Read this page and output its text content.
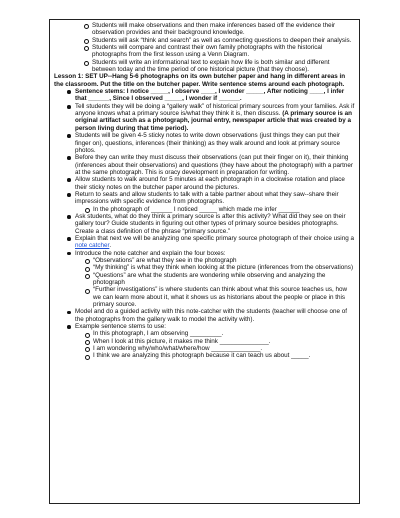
Students will make observations and then make inferences based off the evidence their observation provides and their background knowledge.
Students will ask “think and search” as well as connecting questions to deepen their analysis.
Students will compare and contrast their own family photographs with the historical photographs from the first lesson using a Venn Diagram.
Students will write an informational text to explain how life is both similar and different between today and the time period of one historical picture (that they choose).

Lesson 1: SET UP--Hang 5-6 photographs on its own butcher paper and hang in different areas in the classroom. Put the title on the butcher paper. Write sentence stems around each photograph.

Sentence stems: I notice _____, I observe ____, I wonder _____, After noticing ____, I infer that ______, Since I observed _____, I wonder if ______.
Tell students they will be doing a “gallery walk” of historical primary sources from your families. Ask if anyone knows what a primary source is/what they think it is, then discuss. (A primary source is an original artifact such as a photograph, journal entry, newspaper article that was created by a person living during that time period).
Students will be given 4-5 sticky notes to write down observations (just things they can put their finger on), questions, inferences (their thinking) as they walk around and look at primary source photos.
Before they can write they must discuss their observations (can put their finger on it), their thinking (inferences about their observations) and questions (they have about the photograph) with a partner at the same photograph. This is oracy development in preparation for writing.
Allow students to walk around for 5 minutes at each photograph in a clockwise rotation and place their sticky notes on the butcher paper around the pictures.
Return to seats and allow students to talk with a table partner about what they saw--share their impressions with specific evidence from photographs.
In the photograph of ______ I noticed _____ which made me infer ______
Ask students, what do they think a primary source is after this activity? What did they see on their gallery tour? Guide students in figuring out other types of primary source besides photographs. Create a class definition of the phrase “primary source.”
Explain that next we will be analyzing one specific primary source photograph of their choice using a note catcher.
Introduce the note catcher and explain the four boxes:
“Observations” are what they see in the photograph
“My thinking” is what they think when looking at the picture (inferences from the observations)
“Questions” are what the students are wondering while observing and analyzing the photograph
“Further investigations” is where students can think about what this source teaches us, how we can learn more about it, what it shows us as historians about the people or place in this primary source.
Model and do a guided activity with this note-catcher with the students (teacher will choose one of the photographs from the gallery walk to model the activity with).
Example sentence stems to use:
In this photograph, I am observing _________.
When I look at this picture, it makes me think ______________.
I am wondering why/who/what/where/how ______________.
I think we are analyzing this photograph because it can teach us about _____.
